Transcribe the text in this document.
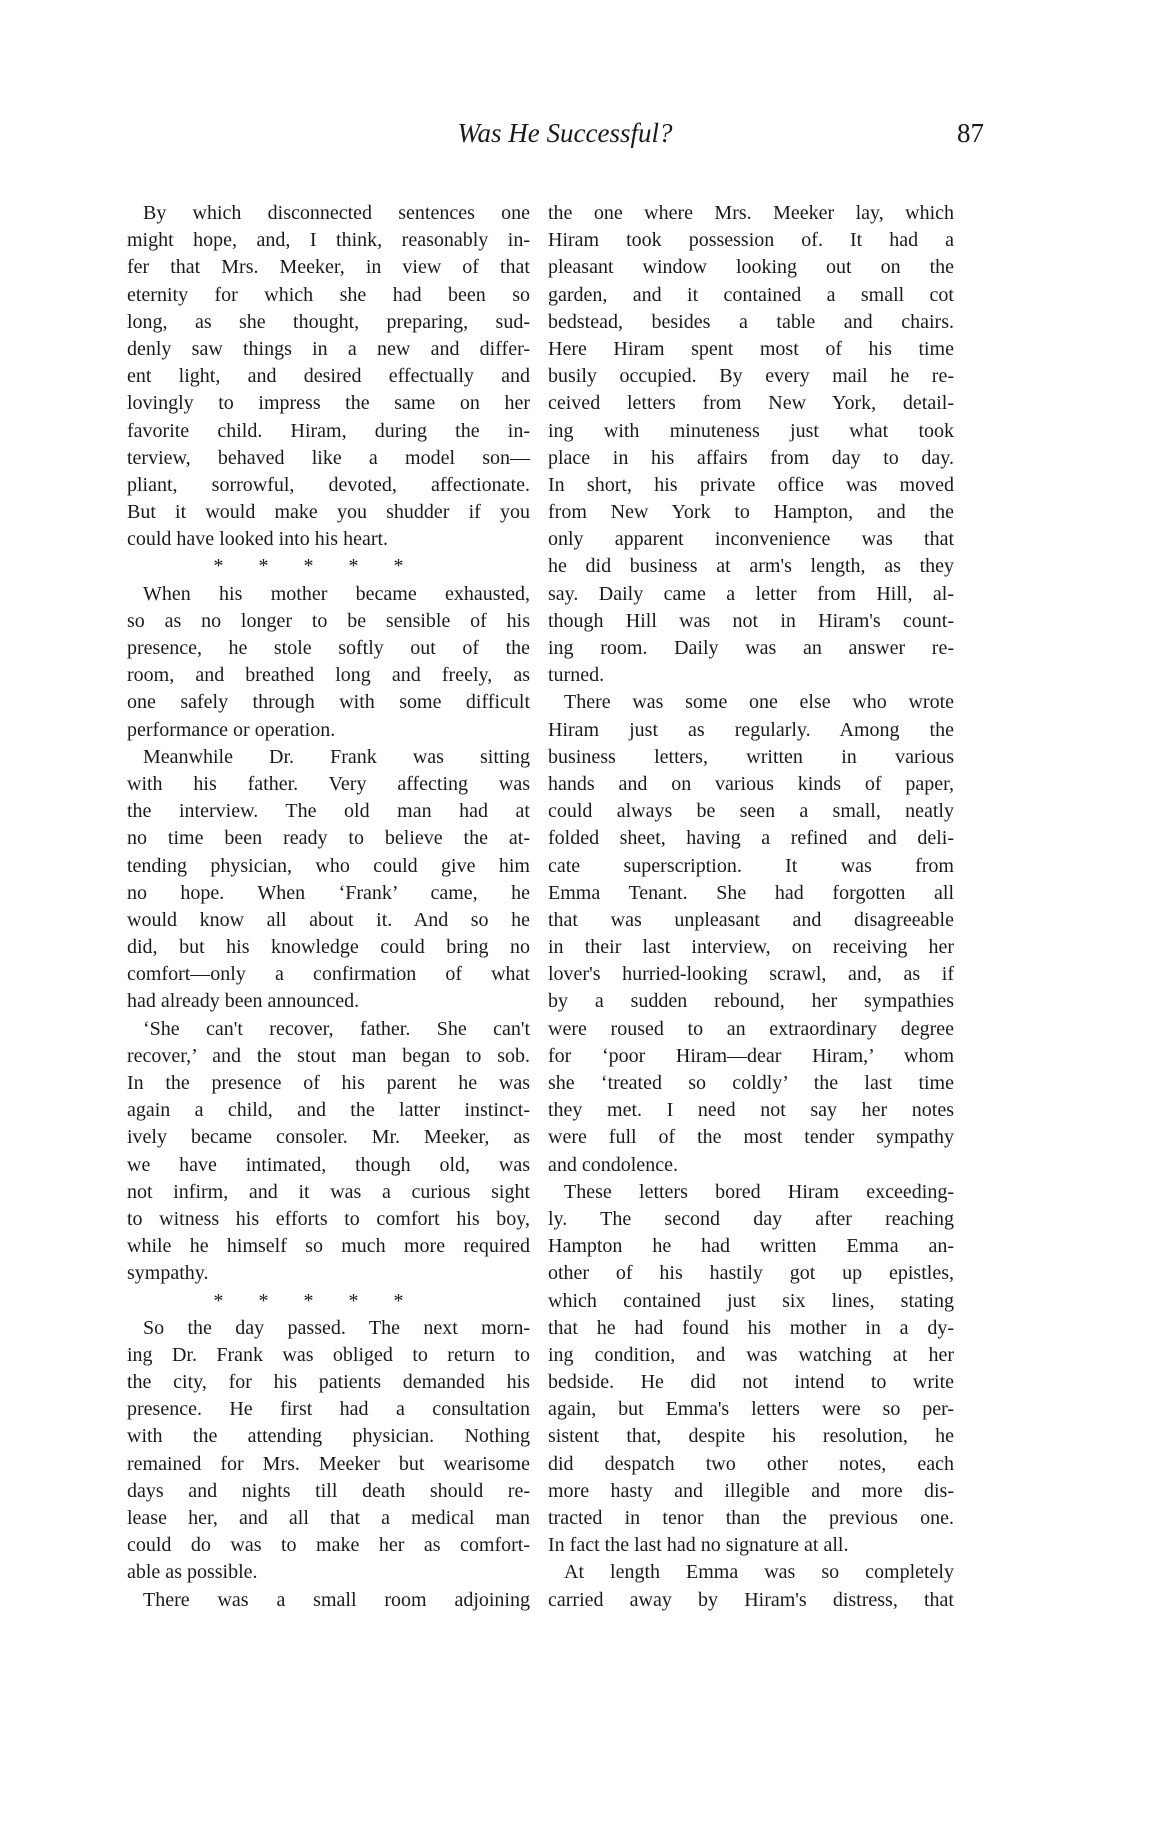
Was He Successful?	87
By which disconnected sentences one
might hope, and, I think, reasonably in-
fer that Mrs. Meeker, in view of that
eternity for which she had been so
long, as she thought, preparing, sud-
denly saw things in a new and differ-
ent light, and desired effectually and
lovingly to impress the same on her
favorite child. Hiram, during the in-
terview, behaved like a model son—
pliant, sorrowful, devoted, affectionate.
But it would make you shudder if you
could have looked into his heart.
* * * * *
When his mother became exhausted,
so as no longer to be sensible of his
presence, he stole softly out of the
room, and breathed long and freely, as
one safely through with some difficult
performance or operation.
Meanwhile Dr. Frank was sitting
with his father. Very affecting was
the interview. The old man had at
no time been ready to believe the at-
tending physician, who could give him
no hope. When ‘Frank’ came, he
would know all about it. And so he
did, but his knowledge could bring no
comfort—only a confirmation of what
had already been announced.
‘She can't recover, father. She can't
recover,’ and the stout man began to sob.
In the presence of his parent he was
again a child, and the latter instinct-
ively became consoler. Mr. Meeker, as
we have intimated, though old, was
not infirm, and it was a curious sight
to witness his efforts to comfort his boy,
while he himself so much more required
sympathy.
* * * * *
So the day passed. The next morn-
ing Dr. Frank was obliged to return to
the city, for his patients demanded his
presence. He first had a consultation
with the attending physician. Nothing
remained for Mrs. Meeker but wearisome
days and nights till death should re-
lease her, and all that a medical man
could do was to make her as comfort-
able as possible.
There was a small room adjoining
the one where Mrs. Meeker lay, which
Hiram took possession of. It had a
pleasant window looking out on the
garden, and it contained a small cot
bedstead, besides a table and chairs.
Here Hiram spent most of his time
busily occupied. By every mail he re-
ceived letters from New York, detail-
ing with minuteness just what took
place in his affairs from day to day.
In short, his private office was moved
from New York to Hampton, and the
only apparent inconvenience was that
he did business at arm's length, as they
say. Daily came a letter from Hill, al-
though Hill was not in Hiram's count-
ing room. Daily was an answer re-
turned.
There was some one else who wrote
Hiram just as regularly. Among the
business letters, written in various
hands and on various kinds of paper,
could always be seen a small, neatly
folded sheet, having a refined and deli-
cate superscription. It was from
Emma Tenant. She had forgotten all
that was unpleasant and disagreeable
in their last interview, on receiving her
lover's hurried-looking scrawl, and, as if
by a sudden rebound, her sympathies
were roused to an extraordinary degree
for ‘poor Hiram—dear Hiram,’ whom
she ‘treated so coldly’ the last time
they met. I need not say her notes
were full of the most tender sympathy
and condolence.
These letters bored Hiram exceeding-
ly. The second day after reaching
Hampton he had written Emma an-
other of his hastily got up epistles,
which contained just six lines, stating
that he had found his mother in a dy-
ing condition, and was watching at her
bedside. He did not intend to write
again, but Emma's letters were so per-
sistent that, despite his resolution, he
did despatch two other notes, each
more hasty and illegible and more dis-
tracted in tenor than the previous one.
In fact the last had no signature at all.
At length Emma was so completely
carried away by Hiram's distress, that
